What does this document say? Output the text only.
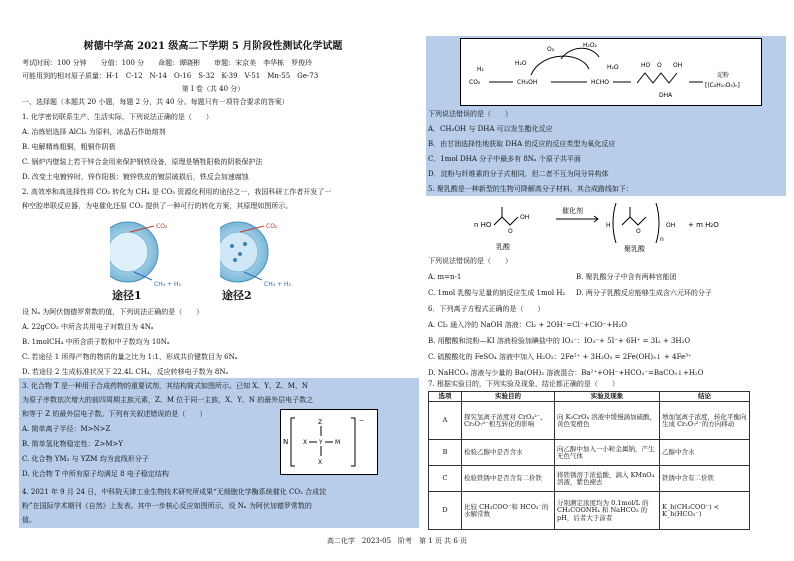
树德中学高 2021 级高二下学期 5 月阶段性测试化学试题
考试时间：100 分钟　　分值：100 分　　命题：谭晓彬　　审题：宋京美　李华栋　罗俊玲
可能用到的相对原子质量：H-1　C-12　N-14　O-16　S-32　K-39　V-51　Mn-55　Ge-73
第 I 卷（共 40 分）
一、选择题（本题共 20 小题，每题 2 分，共 40 分。每题只有一项符合要求的答案）
1. 化学密切联系生产、生活实际，下列说法正确的是（　　）
A. 冶炼铝选择 AlCl₃ 为原料，冰晶石作助熔剂
B. 电解精炼粗铜，粗铜作阴极
C. 锅炉内壁装上若干锌合金用来保护钢铁设备，原理是牺牲阳极的阴极保护法
D. 改变土电镀锌时，锌作阳极：镀锌铁皮的镀层破损后，铁反会加速腐蚀
2. 高效率和高选择性将 CO₂ 转化为 CH₄ 是 CO₂ 资源化利用的途径之一，我国科研工作者开发了一
种空腔串联反应器，为电催化还原 CO₂ 提供了一种可行的转化方案，其原理如图所示。
CO₂
CH₄ + H₂
CO₂
CH₄ + H₂
途径1	途径2
设 Nₐ 为阿伏伽德罗常数的值，下列说法正确的是（　　）
A. 22gCO₂ 中所含共用电子对数目为 4Nₐ
B. 1molCH₄ 中所含质子数和中子数均为 10Nₐ
C. 若途径 1 所得产物的物质的量之比为 1:1，形成共价键数目为 6Nₐ
D. 若途径 2 生成标准状况下 22.4L CH₄，反应转移电子数为 8Nₐ
3. 化合物 T 是一种用于合成药物的重要试剂，其结构简式如图所示。已知 X、Y、Z、M、N
为原子序数依次增大的前四周期主族元素，Z、M 位于同一主族，X、Y、N 的最外层电子数之
和等于 Z 的最外层电子数。下列有关叙述错误的是（　　）
A. 简单离子半径：M>N>Z
B. 简单氢化物稳定性：Z>M>Y
C. 化合物 YM₂ 与 YZM 均为直线形分子
D. 化合物 T 中所有原子均满足 8 电子稳定结构
N X Y M
Z
X
−
4. 2021 年 9 月 24 日，中科院天津工业生物技术研究所成果“无细胞化学酶系统催化 CO₂ 合成淀
粉”在国际学术期刊《自然》上发表。其中一步核心反应如图所示，设 Nₐ 为阿伏加德罗常数的
值。
CO₂
H₂
CH₃OH
H₂O
O₂
H₂O₂
H₂O
HCHO
DHA
淀粉
[(C₆H₁₀O₅)ₙ]
HO O OH
下列说法错误的是（　　）
A．CH₃OH 与 DHA 可以发生酯化反应
B．由甘油选择性地获取 DHA 的反应的反应类型为氧化反应
C．1mol DHA 分子中最多有 8Nₐ 个原子共平面
D．淀粉与纤维素的分子式相同，但二者不互为同分异构体
5. 聚乳酸是一种新型的生物可降解高分子材料，其合成路线如下：
n HO
OH
O
乳酸
催化剂
H
O
n
OH
聚乳酸
+ m H₂O
下列说法错误的是（　　）
A. m=n-1	B. 聚乳酸分子中含有两种官能团
C. 1mol 乳酸与足量的钠反应生成 1mol H₂ D. 两分子乳酸反应能够生成含六元环的分子
6．下列离子方程式正确的是（　　）
A. Cl₂ 通入冷的 NaOH 溶液：Cl₂ + 2OH⁻=Cl⁻+ClO⁻+H₂O
B. 用醋酸和淀粉—KI 溶液检验加碘盐中的 IO₃⁻：IO₃⁻+ 5I⁻+ 6H⁺ = 3I₂ + 3H₂O
C. 硫酸酸化的 FeSO₄ 溶液中加入 H₂O₂：2Fe²⁺ + 3H₂O₂ = 2Fe(OH)₃↓ + 4Fe³⁺
D. NaHCO₃ 溶液与少量的 Ba(OH)₂ 溶液混合：Ba²⁺+OH⁻+HCO₃⁻=BaCO₃↓+H₂O
7. 根据实验目的，下列实验及现象、结论都正确的是（　　）
选项	实验目的	实验及现象	结论
A	探究氢离子浓度对 CrO₄²⁻、Cr₂O₇²⁻相互转化的影响	向 K₂CrO₄ 溶液中缓慢滴加硫酸，黄色变橙色	增加氢离子浓度，转化平衡向生成 Cr₂O₇²⁻的方向移动
B	检验乙醇中是否含水	向乙醇中加入一小粒金属钠，产生无色气体	乙醇中含水
C	检验铁锈中是否含有二价铁	将铁锈溶于浓盐酸，滴入 KMnO₄ 溶液，紫色褪去	铁锈中含有二价铁
D	比较 CH₃COO⁻和 HCO₃⁻的水解常数	分别测定浓度均为 0.1mol/L 的 CH₃COONH₄ 和 NaHCO₃ 的 pH，后者大于前者	K_h(CH₃COO⁻) < K_h(HCO₃⁻)
高二化学　2023-05　阶考　第 1 页 共 6 页
